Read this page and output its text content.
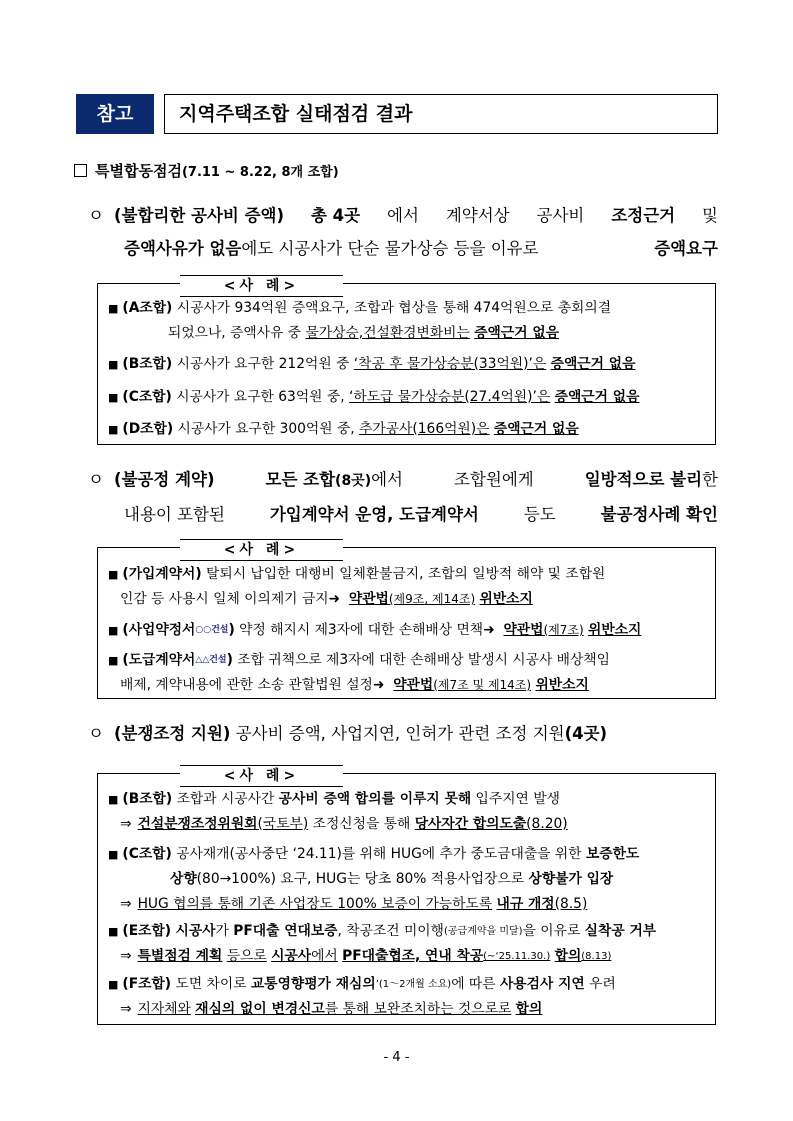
참고	지역주택조합 실태점검 결과
특별합동점검(7.11 ~ 8.22, 8개 조합)
ㅇ (불합리한 공사비 증액) 총 4곳 에서 계약서상 공사비 조정근거 및
증액사유가 없음에도 시공사가 단순 물가상승 등을 이유로	증액요구
<사 례>
■ (A조합) 시공사가 934억원 증액요구, 조합과 협상을 통해 474억원으로 총회의결
되었으나, 증액사유 중
물가상승,건설환경변화비는
증액근거 없음
■ (B조합)
시공사가 요구한 212억원 중
‘착공 후 물가상승분(33억원)’은
증액근거 없음
■ (C조합)
시공사가 요구한 63억원 중,
‘하도급 물가상승분(27.4억원)’은
증액근거 없음
■ (D조합)
시공사가 요구한 300억원 중,
추가공사(166억원)은
증액근거 없음
ㅇ (불공정 계약)	모든 조합(8곳)에서	조합원에게	일방적으로 불리한
내용이 포함된	가입계약서 운영, 도급계약서	등도	불공정사례 확인
<사 례>
■ (가입계약서) 탈퇴시 납입한 대행비 일체환불금지, 조합의 일방적 해약 및 조합원
인감 등 사용시 일체 이의제기 금지 ➜
약관법 (제9조, 제14조)
위반소지
■ (사업약정서 ○○건설 )
약정 해지시 제3자에 대한 손해배상 면책 ➜
약관법 (제7조)
위반소지
■ (도급계약서 △△건설 )
조합 귀책으로 제3자에 대한 손해배상 발생시 시공사 배상책임
배제, 계약내용에 관한 소송 관할법원 설정 ➜
약관법 (제7조 및 제14조)
위반소지
ㅇ (분쟁조정 지원)
공사비 증액, 사업지연, 인허가 관련 조정 지원 (4곳)
<사 례>
■ (B조합)
조합과 시공사간
공사비 증액 합의를 이루지 못해
입주지연 발생
⇒ 건설분쟁조정위원회 (국토부)
조정신청을 통해
당사자간 합의도출 (8.20)
■ (C조합)
공사재개(공사중단 ‘24.11)를 위해 HUG에 추가 중도금대출을 위한
보증한도
상향 (80→100%) 요구, HUG는 당초 80% 적용사업장으로
상향불가 입장
⇒ HUG 협의를 통해 기존 사업장도 100% 보증이 가능하도록
내규 개정 (8.5)
■ (E조합)
시공사 가
PF대출 연대보증 , 착공조건 미이행 (공급계약을 미달) 을 이유로
실착공 거부
⇒ 특별점검 계획
등으로
시공사 에서
PF대출협조, 연내 착공 (~‘25.11.30.)
합의 (8.13)
■ (F조합)
도면 차이로
교통영향평가 재심의 ’(1～2개월 소요) 에 따른
사용검사 지연
우려
⇒ 지자체와
재심의 없이 변경신고 를 통해 보완조치하는 것으로로
합의
- 4 -
